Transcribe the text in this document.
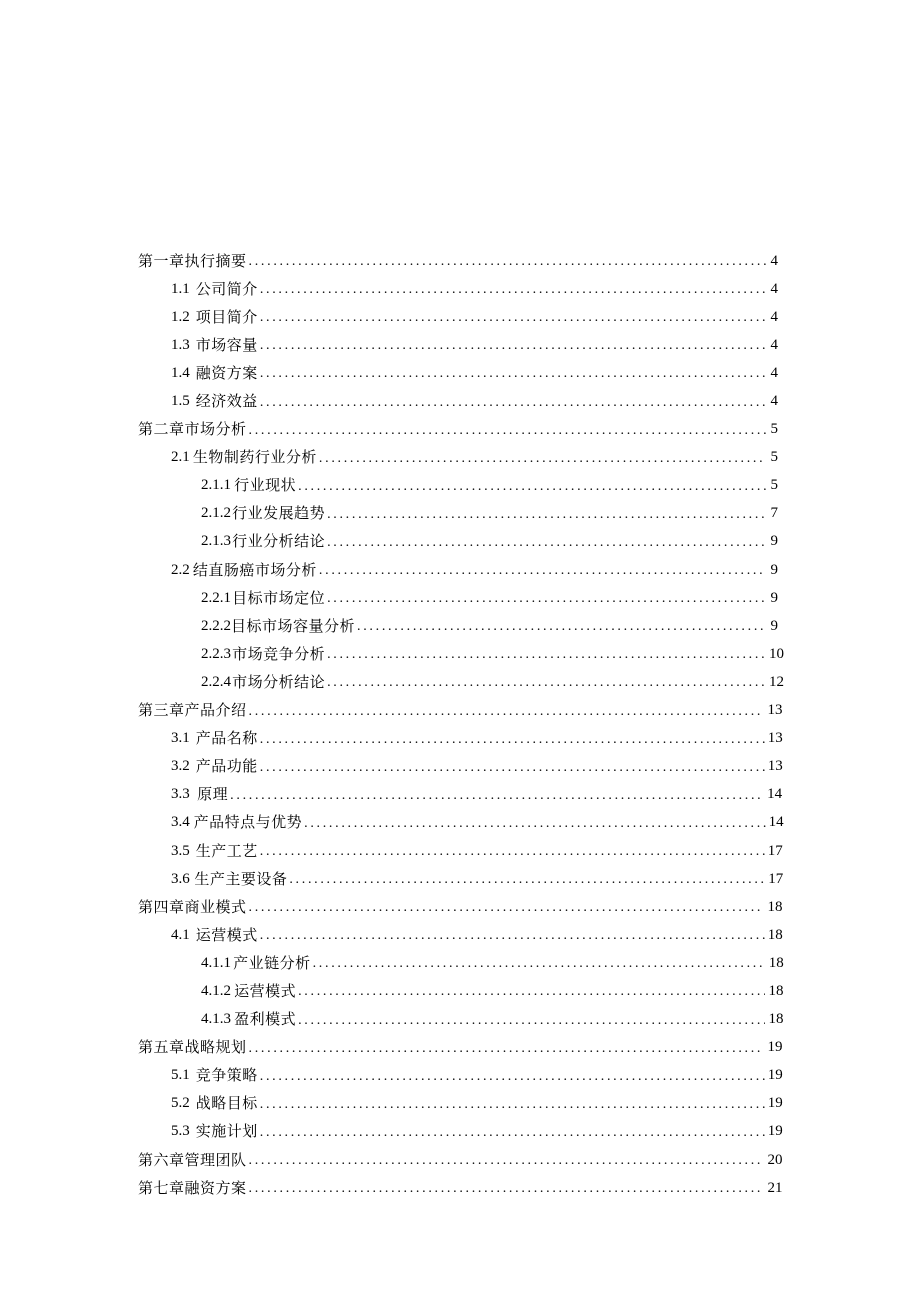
第一章执行摘要 . . .	4
1.1 公司简介 . . .	4
1.2 项目简介 . . .	4
1.3 市场容量 . . .	4
1.4 融资方案 . . .	4
1.5 经济效益 . . .	4
第二章市场分析 . . .	5
2.1 生物制药行业分析 . . .	5
2.1.1 行业现状 . . .	5
2.1.2 行业发展趋势 . . .	7
2.1.3 行业分析结论 . . .	9
2.2 结直肠癌市场分析 . . .	9
2.2.1 目标市场定位 . . .	9
2.2.2 目标市场容量分析 . . .	9
2.2.3 市场竞争分析 . . .	10
2.2.4 市场分析结论 . . .	12
第三章产品介绍 . . .	13
3.1 产品名称 . . .	13
3.2 产品功能 . . .	13
3.3 原理 . . .	14
3.4 产品特点与优势 . . .	14
3.5 生产工艺 . . .	17
3.6 生产主要设备 . . .	17
第四章商业模式 . . .	18
4.1 运营模式 . . .	18
4.1.1 产业链分析 . . .	18
4.1.2 运营模式 . . .	18
4.1.3 盈利模式 . . .	18
第五章战略规划 . . .	19
5.1 竞争策略 . . .	19
5.2 战略目标 . . .	19
5.3 实施计划 . . .	19
第六章管理团队 . . .	20
第七章融资方案 . . .	21
